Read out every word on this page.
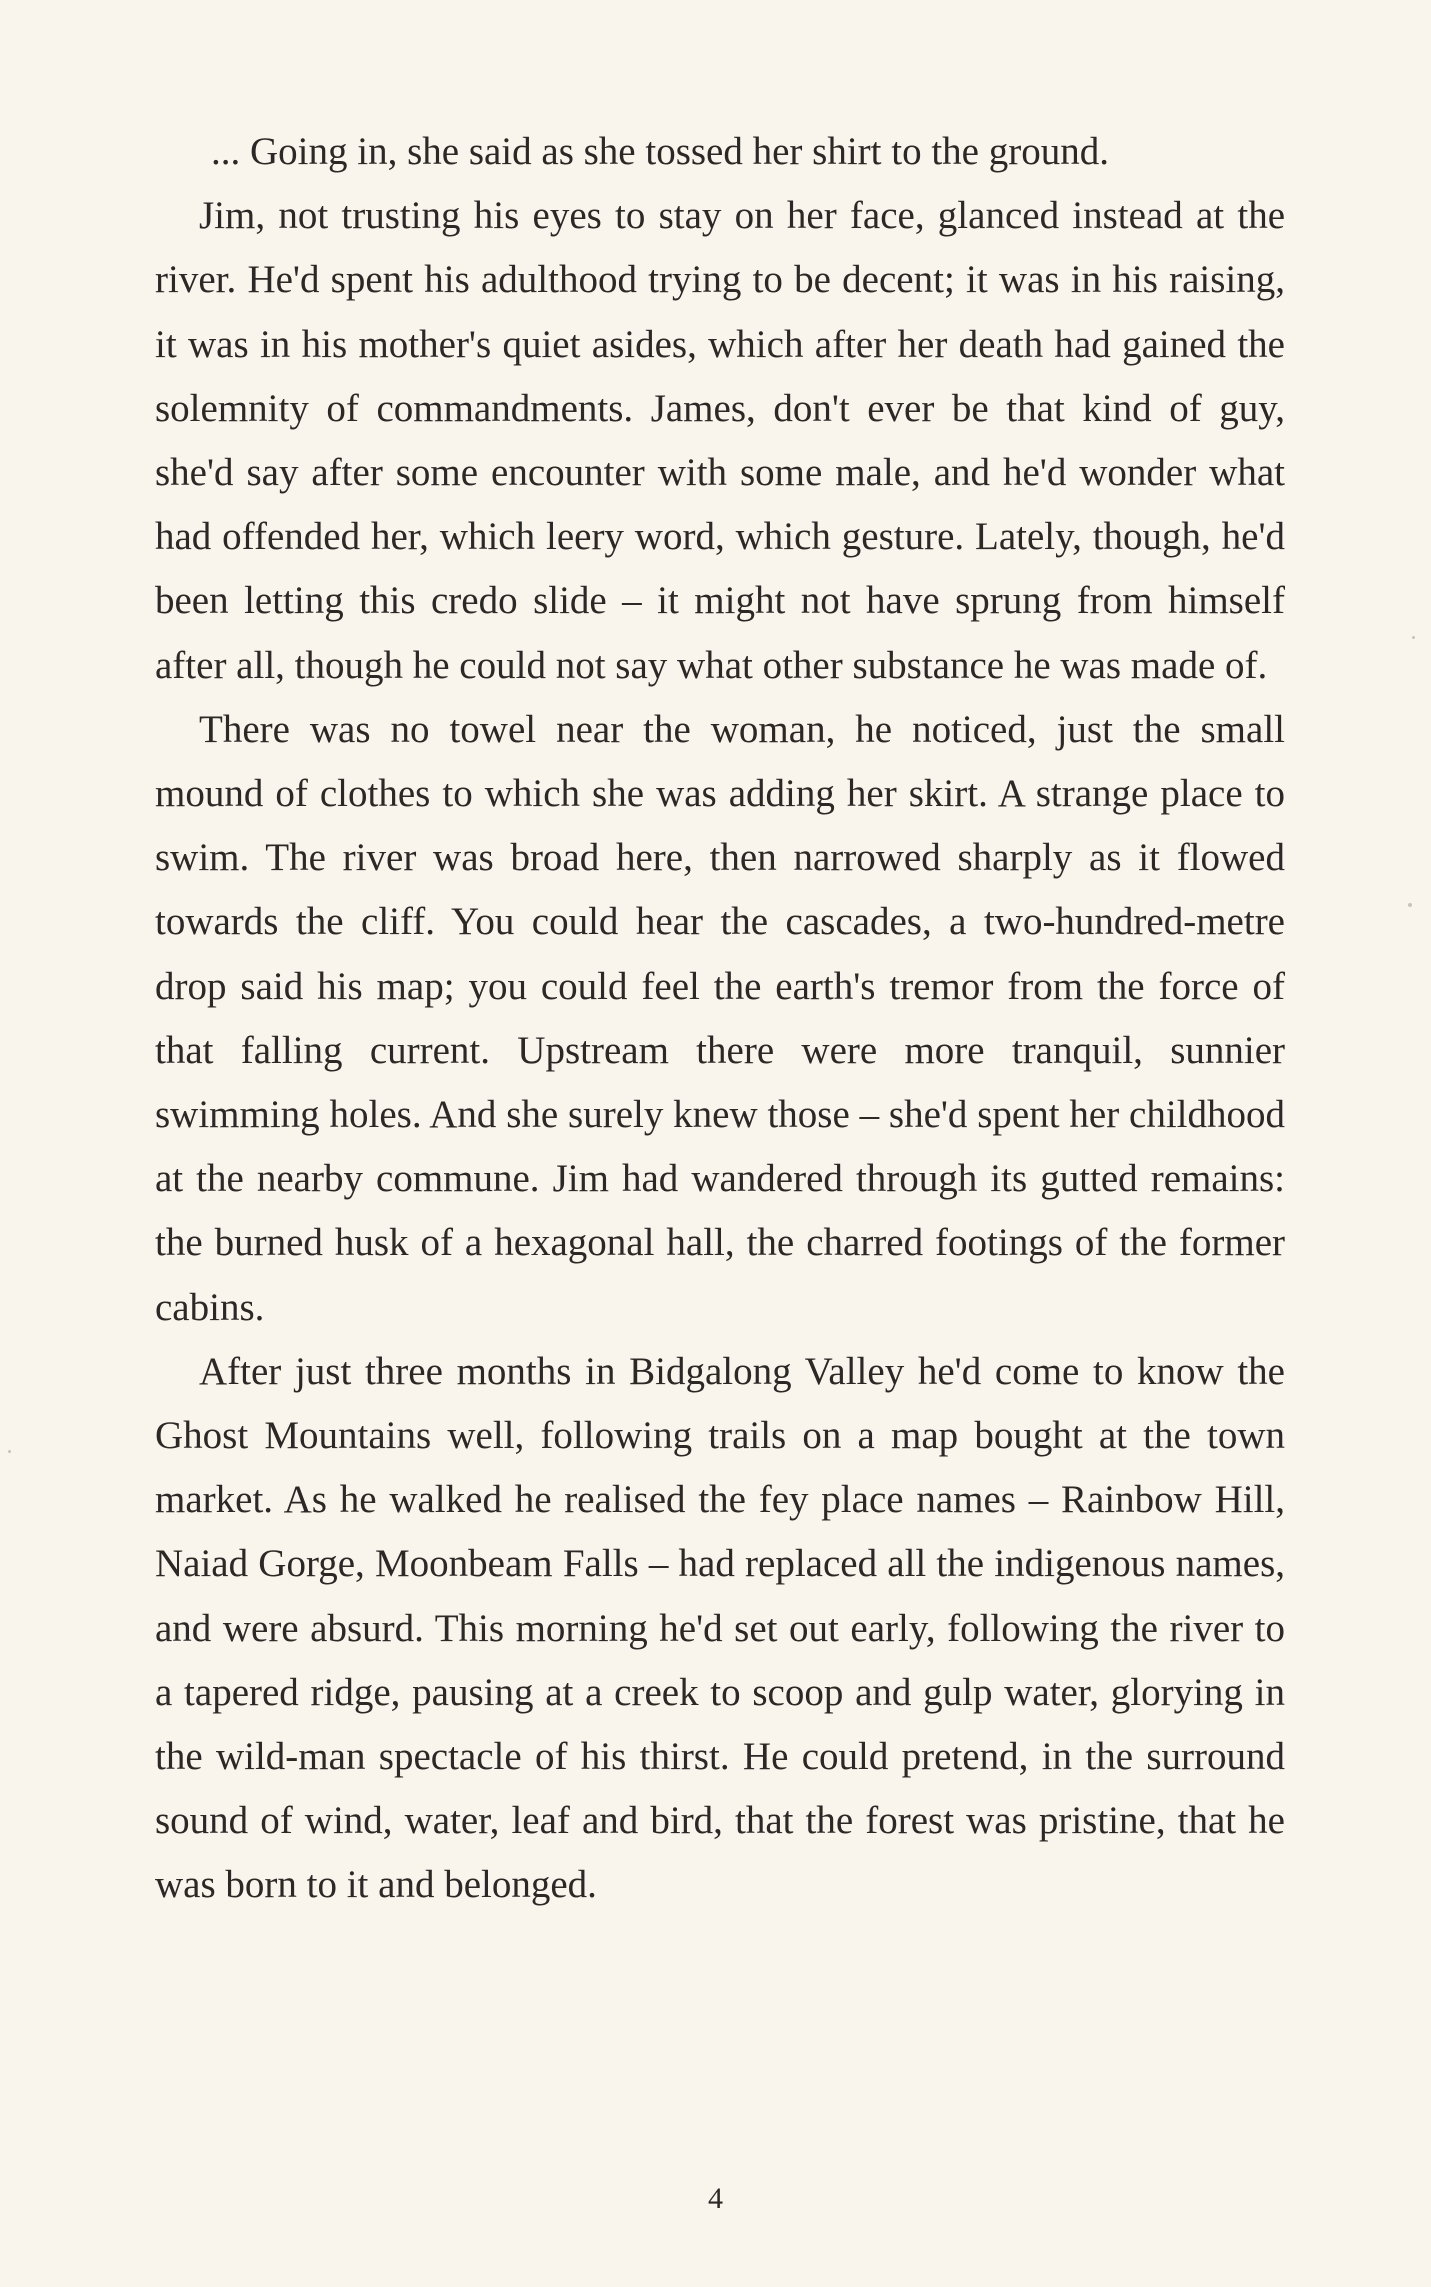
... Going in, she said as she tossed her shirt to the ground.

Jim, not trusting his eyes to stay on her face, glanced instead at the river. He'd spent his adulthood trying to be decent; it was in his raising, it was in his mother's quiet asides, which after her death had gained the solemnity of commandments. James, don't ever be that kind of guy, she'd say after some encounter with some male, and he'd wonder what had offended her, which leery word, which gesture. Lately, though, he'd been letting this credo slide – it might not have sprung from himself after all, though he could not say what other substance he was made of.

There was no towel near the woman, he noticed, just the small mound of clothes to which she was adding her skirt. A strange place to swim. The river was broad here, then narrowed sharply as it flowed towards the cliff. You could hear the cascades, a two-hundred-metre drop said his map; you could feel the earth's tremor from the force of that falling current. Upstream there were more tranquil, sunnier swimming holes. And she surely knew those – she'd spent her childhood at the nearby commune. Jim had wandered through its gutted remains: the burned husk of a hexagonal hall, the charred footings of the former cabins.

After just three months in Bidgalong Valley he'd come to know the Ghost Mountains well, following trails on a map bought at the town market. As he walked he realised the fey place names – Rainbow Hill, Naiad Gorge, Moonbeam Falls – had replaced all the indigenous names, and were absurd. This morning he'd set out early, following the river to a tapered ridge, pausing at a creek to scoop and gulp water, glorying in the wild-man spectacle of his thirst. He could pretend, in the surround sound of wind, water, leaf and bird, that the forest was pristine, that he was born to it and belonged.

4
